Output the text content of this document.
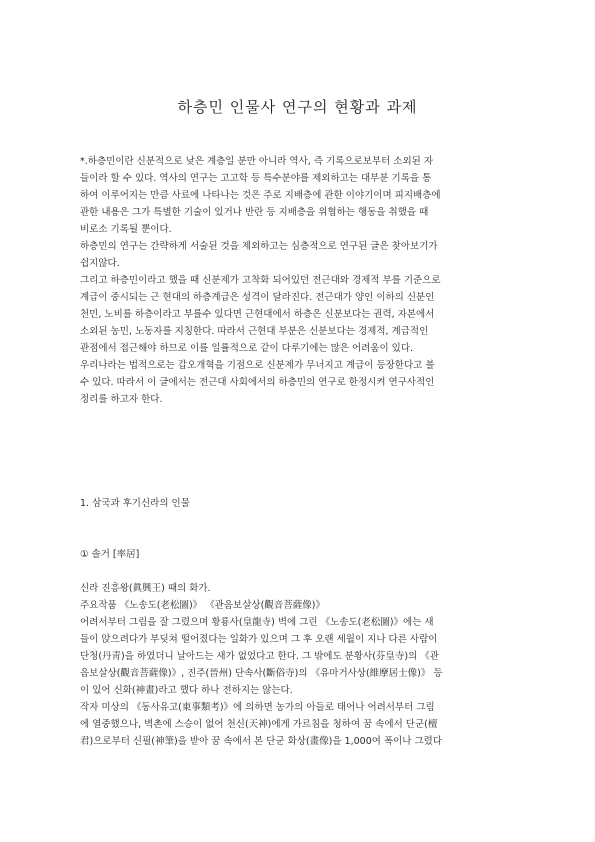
하층민 인물사 연구의 현황과 과제
*.하층민이란 신분적으로 낮은 계층일 분만 아니라 역사, 즉 기록으로보부터 소외된 자
들이라 할 수 있다. 역사의 연구는 고고학 등 특수분야를 제외하고는 대부분 기록을 통
하여 이루어지는 만큼 사료에 나타나는 것은 주로 지배층에 관한 이야기이며 피지배층에
관한 내용은 그가 특별한 기술이 있거나 반란 등 지배층을 위협하는 행동을 취했을 때
비로소 기록될 뿐이다.
하층민의 연구는 간략하게 서술된 것을 제외하고는 심층적으로 연구된 글은 찾아보기가
쉽지않다.
그리고 하층민이라고 했을 때 신분제가 고착화 되어있던 전근대와 경제적 부를 기준으로
계급이 중시되는 근 현대의 하층계급은 성격이 달라진다. 전근대가 양인 이하의 신분인
천민, 노비를 하층이라고 부를수 있다면 근현대에서 하층은 신분보다는 권력, 자본에서
소외된 농민, 노동자를 지칭한다. 따라서 근현대 부분은 신분보다는 경제적, 계급적인
관점에서 접근해야 하므로 이를 일률적으로 같이 다루기에는 많은 어려움이 있다.
우리나라는 법적으로는 갑오개혁을 기점으로 신분제가 무너지고 계급이 등장한다고 볼
수 있다. 따라서 이 글에서는 전근대 사회에서의 하층민의 연구로 한정시켜 연구사적인
정리를 하고자 한다.
1. 삼국과 후기신라의 인물
① 솔거 [率居]
신라 진흥왕(眞興王) 때의 화가.
주요작품 《노송도(老松圖)》 《관음보살상(觀音菩薩像)》
어려서부터 그림을 잘 그렸으며 황룡사(皇龍寺) 벽에 그린 《노송도(老松圖)》에는 새
들이 앉으려다가 부딪쳐 떨어졌다는 일화가 있으며 그 후 오랜 세월이 지나 다른 사람이
단청(丹靑)을 하였더니 날아드는 새가 없었다고 한다. 그 밖에도 분황사(芬皇寺)의 《관
음보살상(觀音菩薩像)》, 진주(晉州) 단속사(斷俗寺)의 《유마거사상(維摩居士像)》 등
이 있어 신화(神畫)라고 했다 하나 전하지는 않는다.
작자 미상의 《동사유고(東事類考)》에 의하면 농가의 아들로 태어나 어려서부터 그림
에 열중했으나, 벽촌에 스승이 없어 천신(天神)에게 가르침을 청하여 꿈 속에서 단군(檀
君)으로부터 신필(神筆)을 받아 꿈 속에서 본 단군 화상(畫像)을 1,000여 폭이나 그렸다
